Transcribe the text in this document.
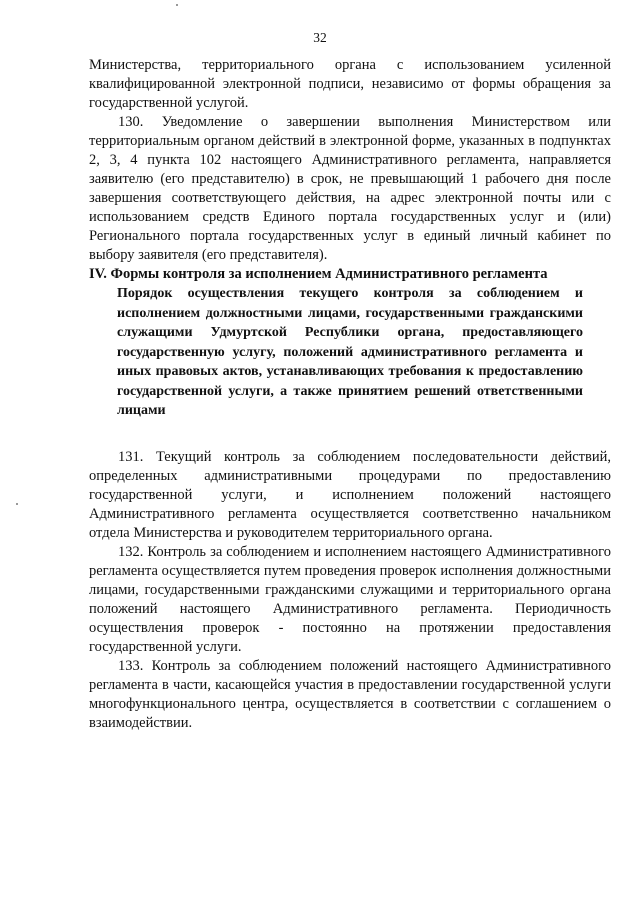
32

Министерства, территориального органа с использованием усиленной квалифицированной электронной подписи, независимо от формы обращения за государственной услугой.

130. Уведомление о завершении выполнения Министерством или территориальным органом действий в электронной форме, указанных в подпунктах 2, 3, 4 пункта 102 настоящего Административного регламента, направляется заявителю (его представителю) в срок, не превышающий 1 рабочего дня после завершения соответствующего действия, на адрес электронной почты или с использованием средств Единого портала государственных услуг и (или) Регионального портала государственных услуг в единый личный кабинет по выбору заявителя (его представителя).

IV. Формы контроля за исполнением Административного регламента

Порядок осуществления текущего контроля за соблюдением и исполнением должностными лицами, государственными гражданскими служащими Удмуртской Республики органа, предоставляющего государственную услугу, положений административного регламента и иных правовых актов, устанавливающих требования к предоставлению государственной услуги, а также принятием решений ответственными лицами

131. Текущий контроль за соблюдением последовательности действий, определенных административными процедурами по предоставлению государственной услуги, и исполнением положений настоящего Административного регламента осуществляется соответственно начальником отдела Министерства и руководителем территориального органа.

132. Контроль за соблюдением и исполнением настоящего Административного регламента осуществляется путем проведения проверок исполнения должностными лицами, государственными гражданскими служащими и территориального органа положений настоящего Административного регламента. Периодичность осуществления проверок - постоянно на протяжении предоставления государственной услуги.

133. Контроль за соблюдением положений настоящего Административного регламента в части, касающейся участия в предоставлении государственной услуги многофункционального центра, осуществляется в соответствии с соглашением о взаимодействии.
